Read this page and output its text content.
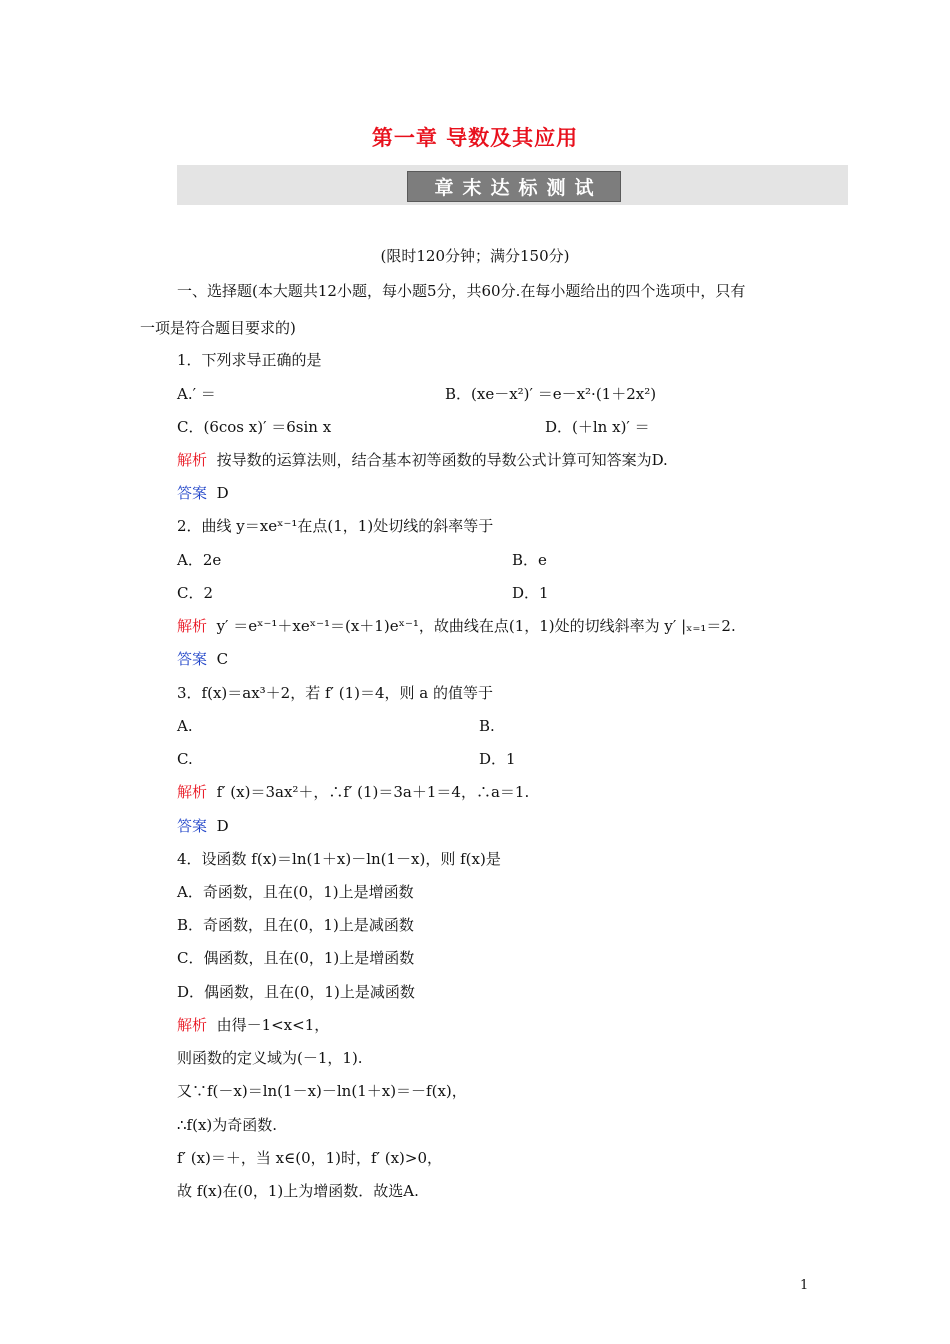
第一章 导数及其应用
章末达标测试
(限时120分钟；满分150分)
一、选择题(本大题共12小题，每小题5分，共60分.在每小题给出的四个选项中，只有
一项是符合题目要求的)
1．下列求导正确的是
A.′ ＝	B．(xe－x²)′ ＝e－x²·(1＋2x²)
C．(6cos x)′ ＝6sin x	D．(＋ln x)′ ＝
解析 按导数的运算法则，结合基本初等函数的导数公式计算可知答案为D.
答案 D
2．曲线 y＝xeˣ⁻¹在点(1，1)处切线的斜率等于
A．2e	B．e
C．2	D．1
解析 y′ ＝eˣ⁻¹＋xeˣ⁻¹＝(x＋1)eˣ⁻¹，故曲线在点(1，1)处的切线斜率为 y′ |ₓ₌₁＝2.
答案 C
3．f(x)＝ax³＋2，若 f′ (1)＝4，则 a 的值等于
A.	B.
C.	D．1
解析 f′ (x)＝3ax²＋，∴f′ (1)＝3a＋1＝4，∴a＝1.
答案 D
4．设函数 f(x)＝ln(1＋x)－ln(1－x)，则 f(x)是
A．奇函数，且在(0，1)上是增函数
B．奇函数，且在(0，1)上是减函数
C．偶函数，且在(0，1)上是增函数
D．偶函数，且在(0，1)上是减函数
解析 由得－1<x<1，
则函数的定义域为(－1，1).
又∵f(－x)＝ln(1－x)－ln(1＋x)＝－f(x)，
∴f(x)为奇函数.
f′ (x)＝＋，当 x∈(0，1)时，f′ (x)>0，
故 f(x)在(0，1)上为增函数．故选A.
1
